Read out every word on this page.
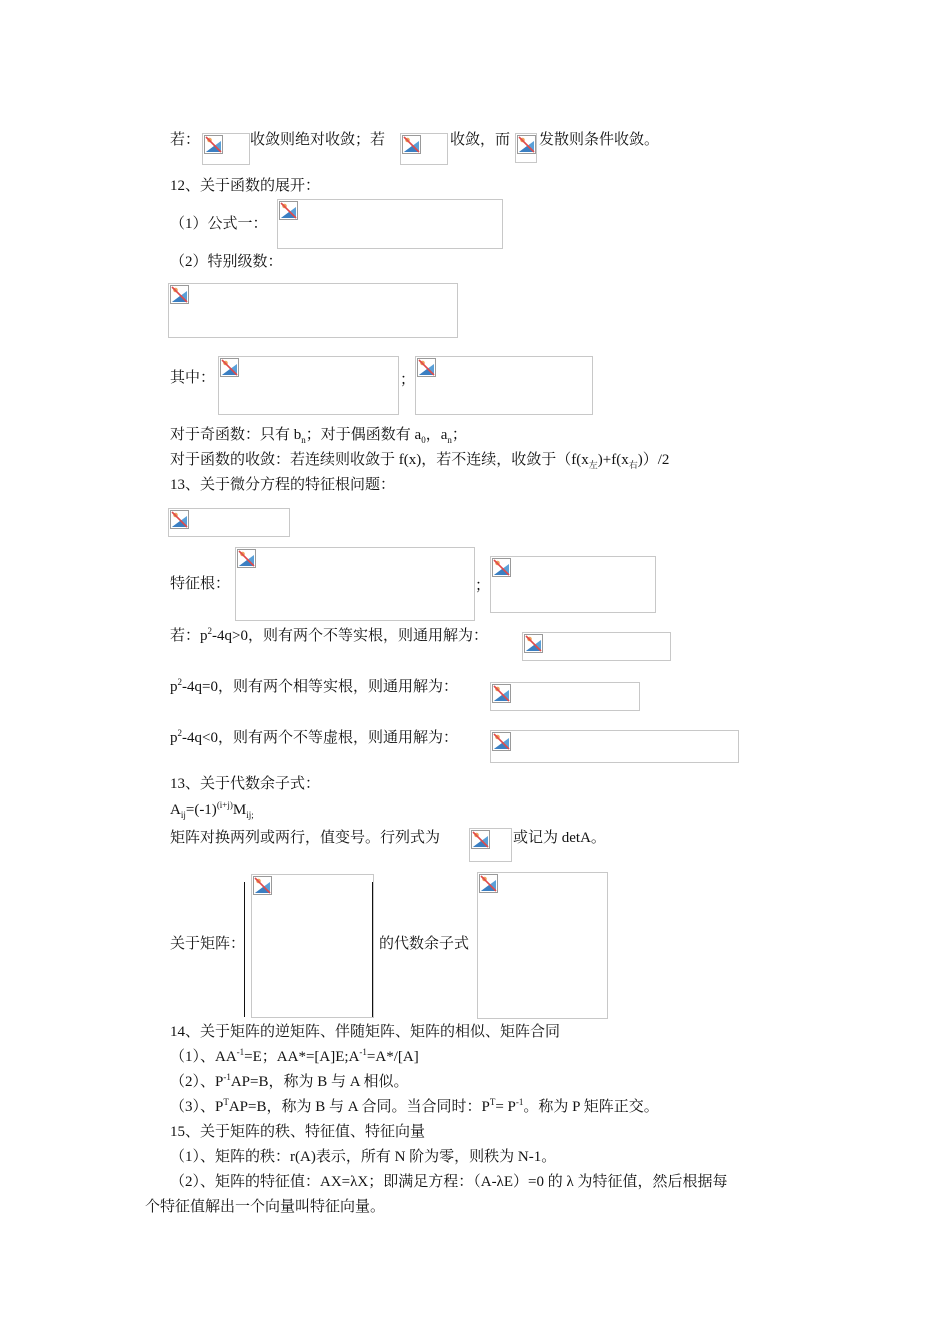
若：	收敛则绝对收敛；若	收敛，而 发散则条件收敛。
12、关于函数的展开：
（1）公式一：
（2）特别级数：
其中：	；
对于奇函数：只有 $b_n$；对于偶函数有 $a_0$，$a_n$；
对于函数的收敛：若连续则收敛于 f(x)，若不连续，收敛于$(f(x_左)+f(x_右))/2$
13、关于微分方程的特征根问题：
特征根：	；
若：$p^2-4q>0$，则有两个不等实根，则通用解为：
$p^2-4q=0$，则有两个相等实根，则通用解为：
$p^2-4q<0$，则有两个不等虚根，则通用解为：
13、关于代数余子式：
$A_{ij}=(-1)^{(i+j)}M_{ij;}$
矩阵对换两列或两行，值变号。行列式为	或记为 detA。
关于矩阵：	的代数余子式
14、关于矩阵的逆矩阵、伴随矩阵、矩阵的相似、矩阵合同
（1）、$AA^{-1}=E$；$AA*=[A]E;A^{-1}=A*/[A]$
（2）、$P^{-1}AP=B$，称为 B 与 A 相似。
（3）、$P^TAP=B$，称为 B 与 A 合同。当合同时：$P^T= P^{-1}$。称为 P 矩阵正交。
15、关于矩阵的秩、特征值、特征向量
（1）、矩阵的秩：r(A)表示，所有 N 阶为零，则秩为 N-1。
（2）、矩阵的特征值：AX=λX；即满足方程：（A-λE）=0 的 λ 为特征值，然后根据每
个特征值解出一个向量叫特征向量。
